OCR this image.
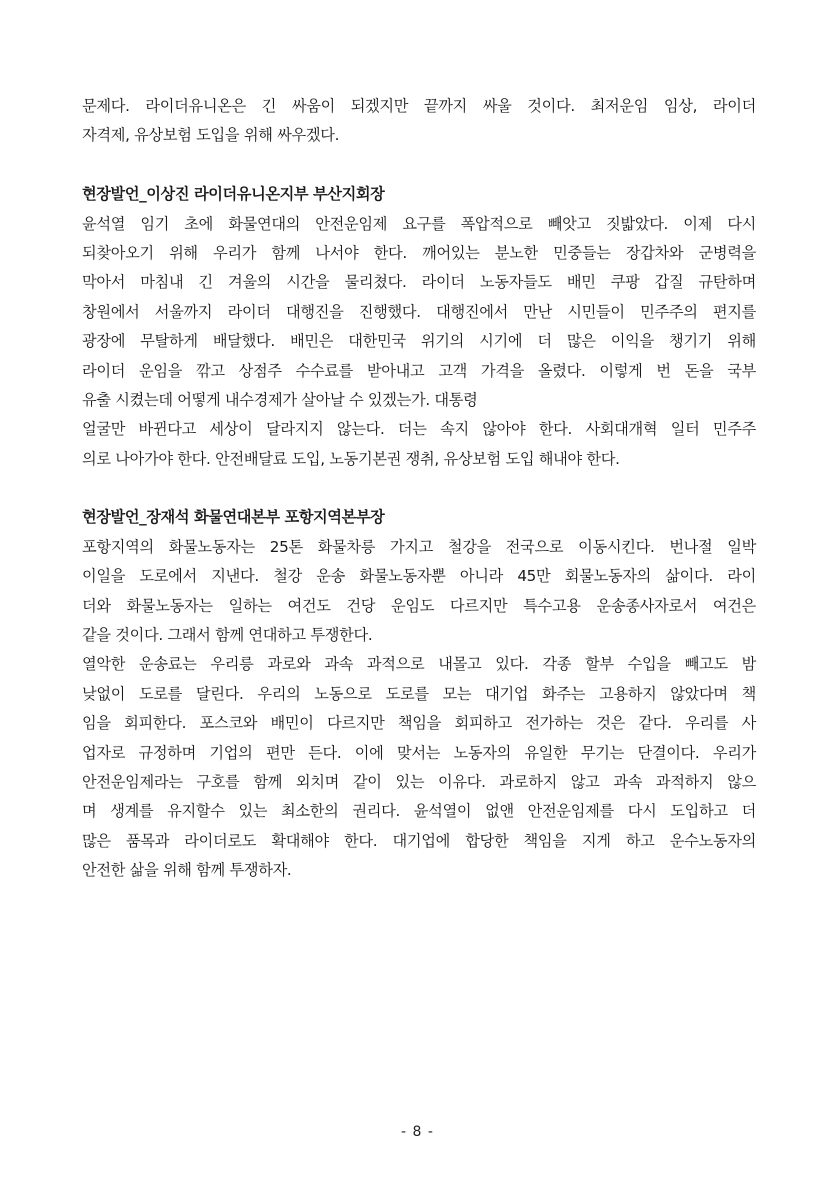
문제다. 라이더유니온은 긴 싸움이 되겠지만 끝까지 싸울 것이다. 최저운임 임상, 라이더
자격제, 유상보험 도입을 위해 싸우겠다.
현장발언_이상진 라이더유니온지부 부산지회장
윤석열 임기 초에 화물연대의 안전운임제 요구를 폭압적으로 빼앗고 짓밟았다. 이제 다시
되찾아오기 위해 우리가 함께 나서야 한다. 깨어있는 분노한 민중들는 장갑차와 군병력을
막아서 마침내 긴 겨울의 시간을 물리쳤다. 라이더 노동자들도 배민 쿠팡 갑질 규탄하며
창원에서 서울까지 라이더 대행진을 진행했다. 대행진에서 만난 시민들이 민주주의 편지를
광장에 무탈하게 배달했다. 배민은 대한민국 위기의 시기에 더 많은 이익을 챙기기 위해
라이더 운임을 깎고 상점주 수수료를 받아내고 고객 가격을 올렸다. 이렇게 번 돈을 국부
유출 시켰는데 어떻게 내수경제가 살아날 수 있겠는가. 대통령
얼굴만 바뀐다고 세상이 달라지지 않는다. 더는 속지 않아야 한다. 사회대개혁 일터 민주주
의로 나아가야 한다. 안전배달료 도입, 노동기본권 쟁취, 유상보험 도입 해내야 한다.
현장발언_장재석 화물연대본부 포항지역본부장
포항지역의 화물노동자는 25톤 화물차릉 가지고 철강을 전국으로 이동시킨다. 번나절 일박
이일을 도로에서 지낸다. 철강 운송 화물노동자뿐 아니라 45만 회물노동자의 삶이다. 라이
더와 화물노동자는 일하는 여건도 건당 운임도 다르지만 특수고용 운송종사자로서 여건은
같을 것이다. 그래서 함께 연대하고 투쟁한다.
열악한 운송료는 우리릉 과로와 과속 과적으로 내몰고 있다. 각종 할부 수입을 빼고도 밤
낮없이 도로를 달린다. 우리의 노동으로 도로를 모는 대기업 화주는 고용하지 않았다며 책
임을 회피한다. 포스코와 배민이 다르지만 책임을 회피하고 전가하는 것은 같다. 우리를 사
업자로 규정하며 기업의 편만 든다. 이에 맞서는 노동자의 유일한 무기는 단결이다. 우리가
안전운임제라는 구호를 함께 외치며 같이 있는 이유다. 과로하지 않고 과속 과적하지 않으
며 생계를 유지할수 있는 최소한의 권리다. 윤석열이 없앤 안전운임제를 다시 도입하고 더
많은 품목과 라이더로도 확대해야 한다. 대기업에 합당한 책임을 지게 하고 운수노동자의
안전한 삶을 위해 함께 투쟁하자.
- 8 -
